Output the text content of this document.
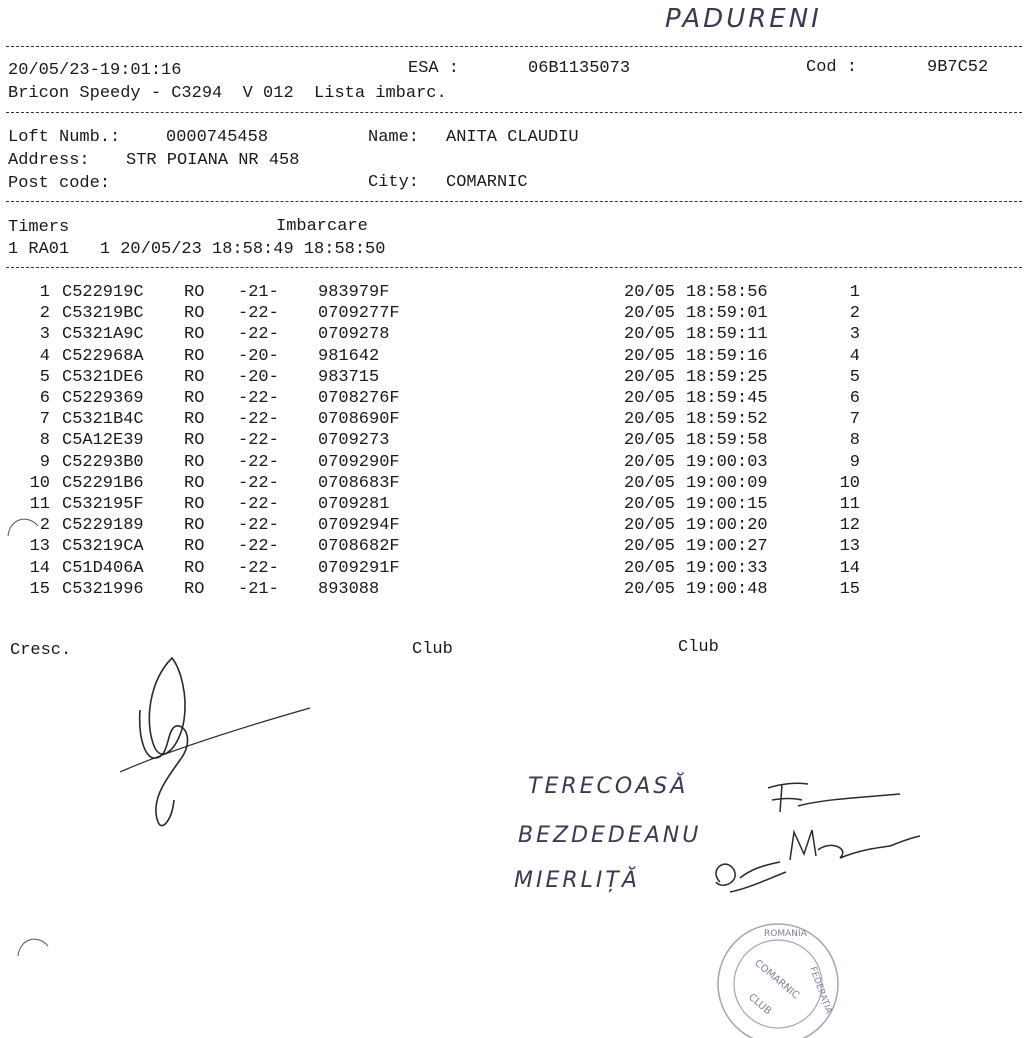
PADURENI
20/05/23-19:01:16	ESA :	06B1135073	Cod :	9B7C52
Bricon Speedy - C3294  V 012  Lista imbarc.
Loft Numb.:	0000745458	Name: ANITA CLAUDIU
Address: STR POIANA NR 458
Post code:	City: COMARNIC
Timers	Imbarcare
1 RA01   1 20/05/23 18:58:49 18:58:50
1 C522919C RO -21- 983979F	20/05 18:58:56	1
2 C53219BC RO -22- 0709277F	20/05 18:59:01	2
3 C5321A9C RO -22- 0709278	20/05 18:59:11	3
4 C522968A RO -20- 981642	20/05 18:59:16	4
5 C5321DE6 RO -20- 983715	20/05 18:59:25	5
6 C5229369 RO -22- 0708276F	20/05 18:59:45	6
7 C5321B4C RO -22- 0708690F	20/05 18:59:52	7
8 C5A12E39 RO -22- 0709273	20/05 18:59:58	8
9 C52293B0 RO -22- 0709290F	20/05 19:00:03	9
10 C52291B6 RO -22- 0708683F	20/05 19:00:09	10
11 C532195F RO -22- 0709281	20/05 19:00:15	11
2 C5229189 RO -22- 0709294F	20/05 19:00:20	12
13 C53219CA RO -22- 0708682F	20/05 19:00:27	13
14 C51D406A RO -22- 0709291F	20/05 19:00:33	14
15 C5321996 RO -21- 893088	20/05 19:00:48	15
Cresc.	Club	Club
TERECOASĂ
BEZDEDEANU
MIERLIȚĂ
ROMANIA
FEDERAȚIA
COMARNIC
CLUB
